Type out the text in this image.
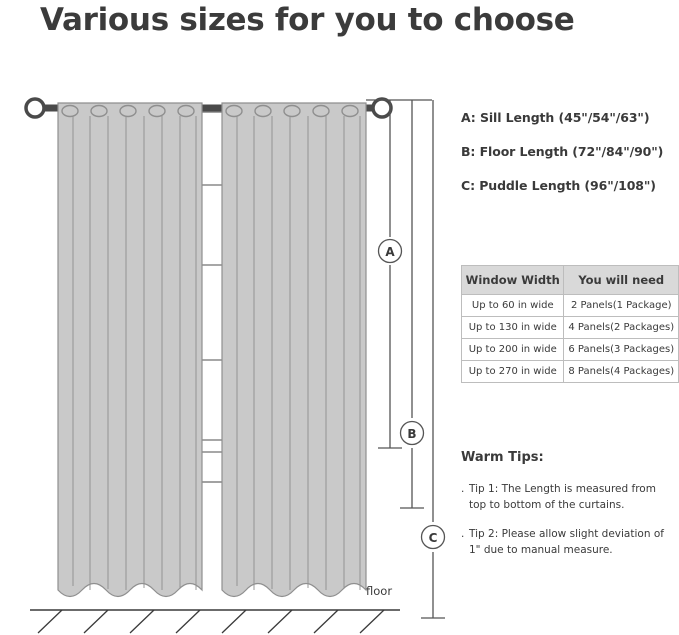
Various sizes for you to choose
A
B
C
floor
A: Sill Length (45"/54"/63")
B: Floor Length (72"/84"/90")
C: Puddle Length (96"/108")
Window Width	You will need
Up to 60 in wide	2 Panels(1 Package)
Up to 130 in wide	4 Panels(2 Packages)
Up to 200 in wide	6 Panels(3 Packages)
Up to 270 in wide	8 Panels(4 Packages)
Warm Tips:
. Tip 1: The Length is measured from top to bottom of the curtains.
. Tip 2: Please allow slight deviation of 1" due to manual measure.
